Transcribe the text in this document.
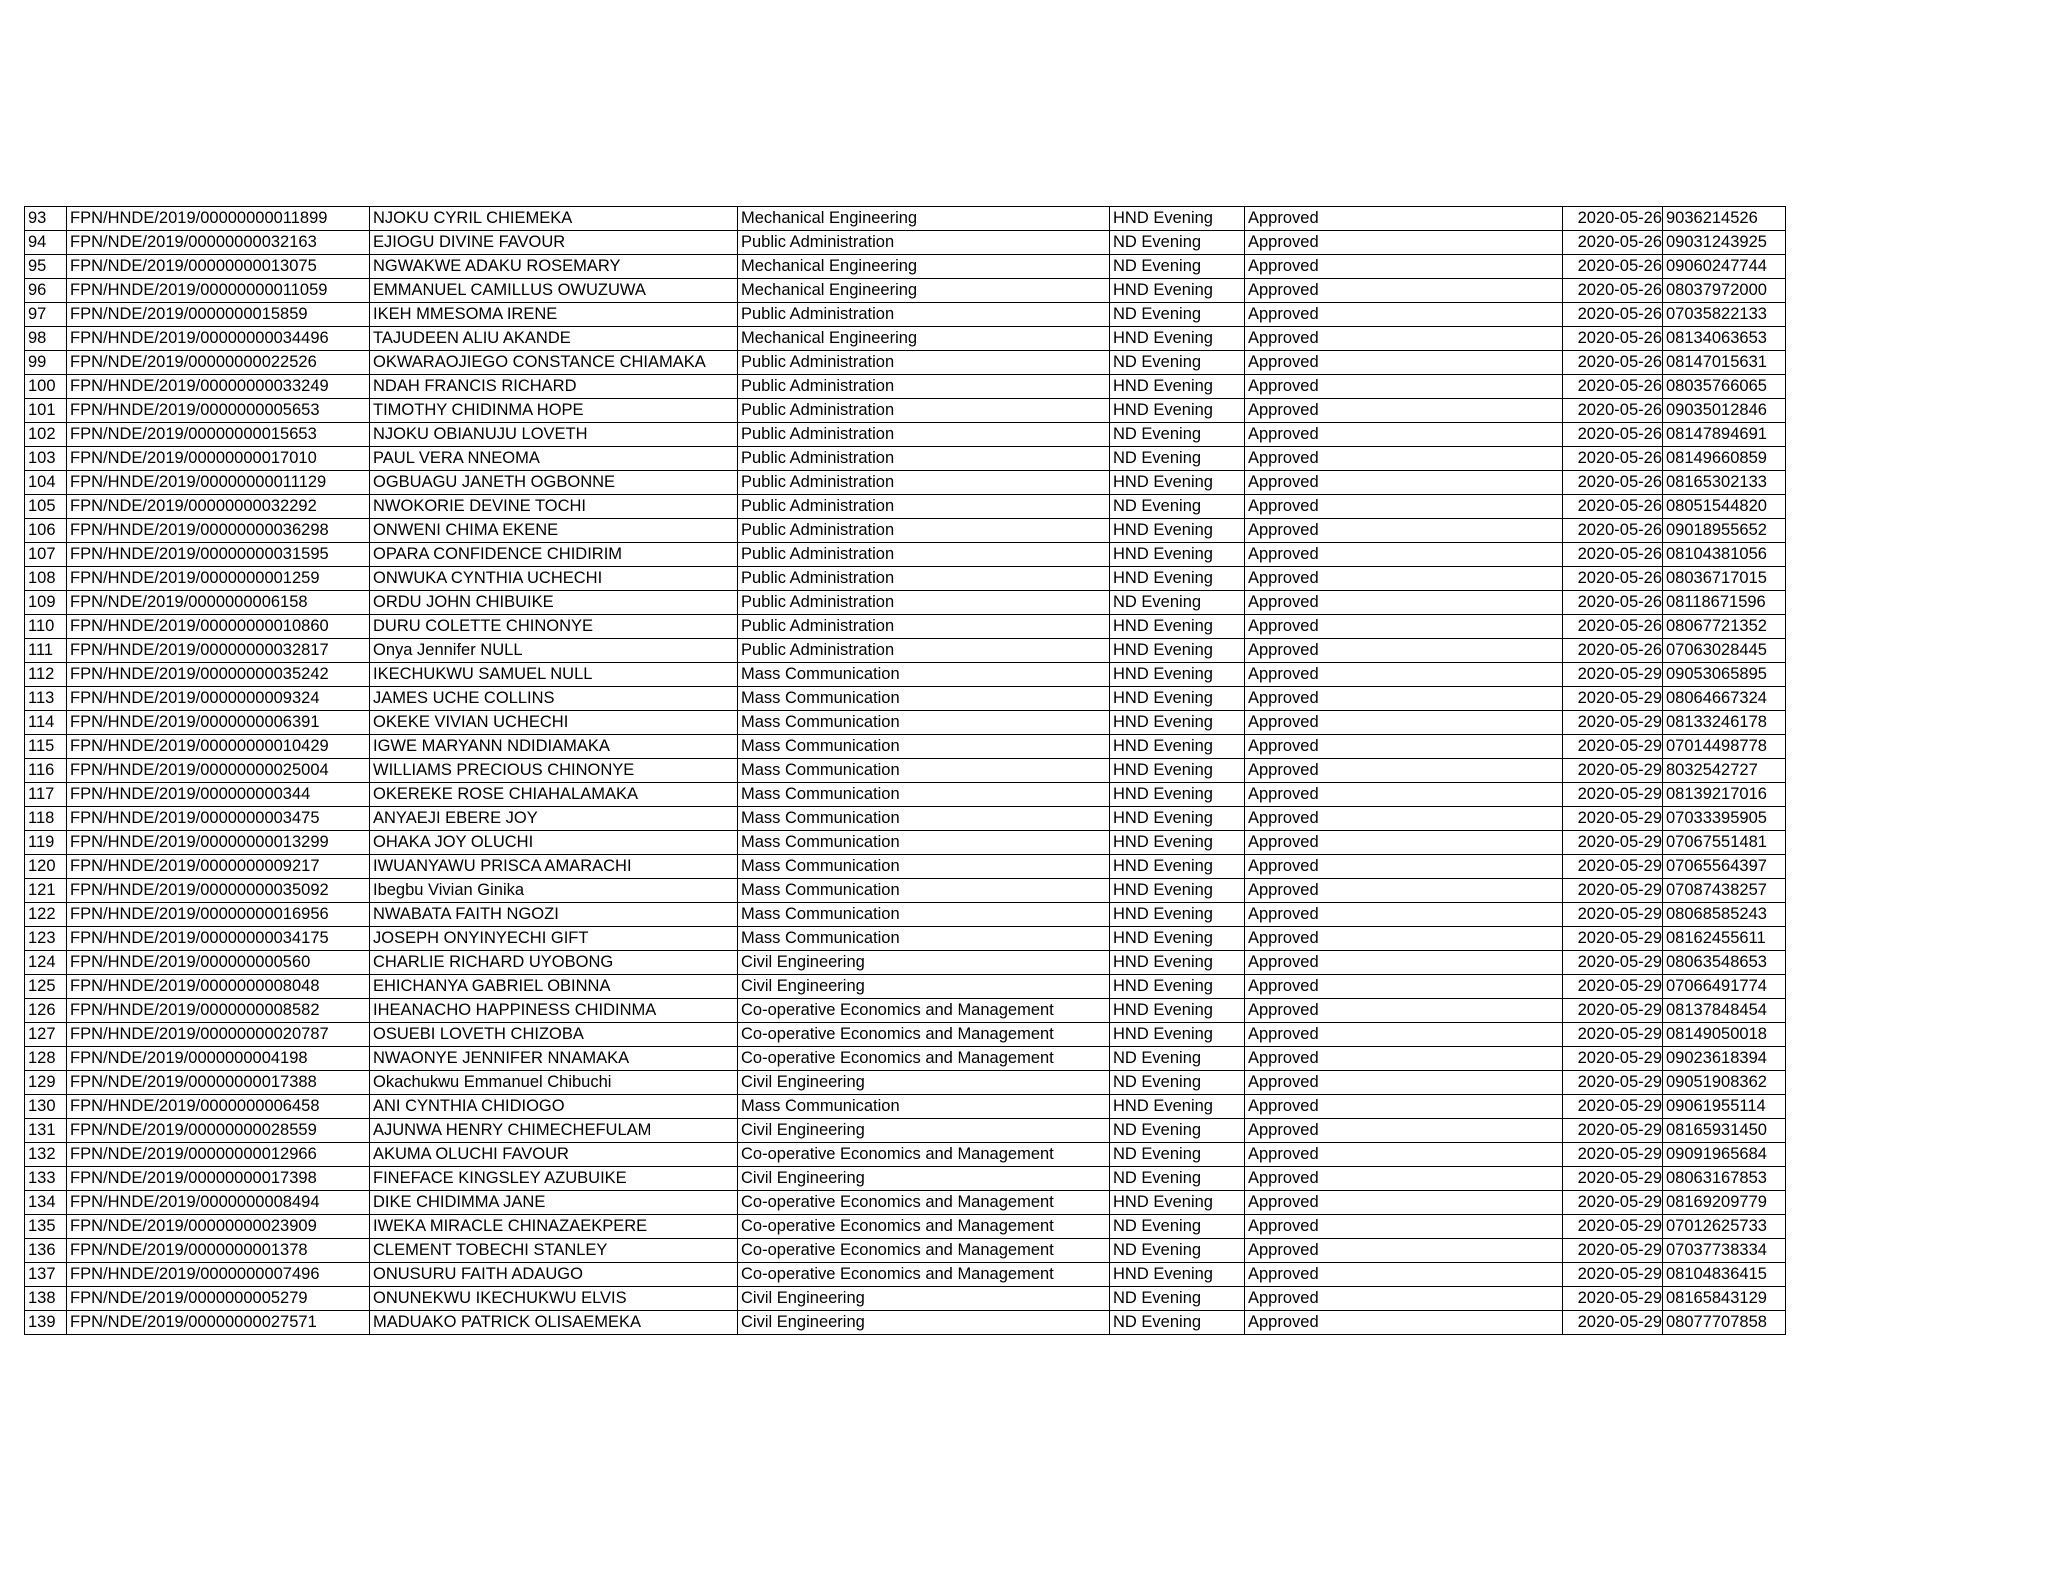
93	FPN/HNDE/2019/00000000011899	NJOKU CYRIL CHIEMEKA	Mechanical Engineering	HND Evening	Approved	2020-05-26	9036214526
94	FPN/NDE/2019/00000000032163	EJIOGU DIVINE FAVOUR	Public Administration	ND Evening	Approved	2020-05-26	09031243925
95	FPN/NDE/2019/00000000013075	NGWAKWE ADAKU ROSEMARY	Mechanical Engineering	ND Evening	Approved	2020-05-26	09060247744
96	FPN/HNDE/2019/00000000011059	EMMANUEL CAMILLUS OWUZUWA	Mechanical Engineering	HND Evening	Approved	2020-05-26	08037972000
97	FPN/NDE/2019/0000000015859	IKEH MMESOMA IRENE	Public Administration	ND Evening	Approved	2020-05-26	07035822133
98	FPN/HNDE/2019/00000000034496	TAJUDEEN ALIU AKANDE	Mechanical Engineering	HND Evening	Approved	2020-05-26	08134063653
99	FPN/NDE/2019/00000000022526	OKWARAOJIEGO CONSTANCE CHIAMAKA	Public Administration	ND Evening	Approved	2020-05-26	08147015631
100	FPN/HNDE/2019/00000000033249	NDAH FRANCIS RICHARD	Public Administration	HND Evening	Approved	2020-05-26	08035766065
101	FPN/HNDE/2019/0000000005653	TIMOTHY CHIDINMA HOPE	Public Administration	HND Evening	Approved	2020-05-26	09035012846
102	FPN/NDE/2019/00000000015653	NJOKU OBIANUJU LOVETH	Public Administration	ND Evening	Approved	2020-05-26	08147894691
103	FPN/NDE/2019/00000000017010	PAUL VERA NNEOMA	Public Administration	ND Evening	Approved	2020-05-26	08149660859
104	FPN/HNDE/2019/00000000011129	OGBUAGU JANETH OGBONNE	Public Administration	HND Evening	Approved	2020-05-26	08165302133
105	FPN/NDE/2019/00000000032292	NWOKORIE DEVINE TOCHI	Public Administration	ND Evening	Approved	2020-05-26	08051544820
106	FPN/HNDE/2019/00000000036298	ONWENI CHIMA EKENE	Public Administration	HND Evening	Approved	2020-05-26	09018955652
107	FPN/HNDE/2019/00000000031595	OPARA CONFIDENCE CHIDIRIM	Public Administration	HND Evening	Approved	2020-05-26	08104381056
108	FPN/HNDE/2019/0000000001259	ONWUKA CYNTHIA UCHECHI	Public Administration	HND Evening	Approved	2020-05-26	08036717015
109	FPN/NDE/2019/0000000006158	ORDU JOHN CHIBUIKE	Public Administration	ND Evening	Approved	2020-05-26	08118671596
110	FPN/HNDE/2019/00000000010860	DURU COLETTE CHINONYE	Public Administration	HND Evening	Approved	2020-05-26	08067721352
111	FPN/HNDE/2019/00000000032817	Onya Jennifer NULL	Public Administration	HND Evening	Approved	2020-05-26	07063028445
112	FPN/HNDE/2019/00000000035242	IKECHUKWU SAMUEL NULL	Mass Communication	HND Evening	Approved	2020-05-29	09053065895
113	FPN/HNDE/2019/0000000009324	JAMES UCHE COLLINS	Mass Communication	HND Evening	Approved	2020-05-29	08064667324
114	FPN/HNDE/2019/0000000006391	OKEKE VIVIAN UCHECHI	Mass Communication	HND Evening	Approved	2020-05-29	08133246178
115	FPN/HNDE/2019/00000000010429	IGWE MARYANN NDIDIAMAKA	Mass Communication	HND Evening	Approved	2020-05-29	07014498778
116	FPN/HNDE/2019/00000000025004	WILLIAMS PRECIOUS CHINONYE	Mass Communication	HND Evening	Approved	2020-05-29	8032542727
117	FPN/HNDE/2019/000000000344	OKEREKE ROSE CHIAHALAMAKA	Mass Communication	HND Evening	Approved	2020-05-29	08139217016
118	FPN/HNDE/2019/0000000003475	ANYAEJI EBERE JOY	Mass Communication	HND Evening	Approved	2020-05-29	07033395905
119	FPN/HNDE/2019/00000000013299	OHAKA JOY OLUCHI	Mass Communication	HND Evening	Approved	2020-05-29	07067551481
120	FPN/HNDE/2019/0000000009217	IWUANYAWU PRISCA AMARACHI	Mass Communication	HND Evening	Approved	2020-05-29	07065564397
121	FPN/HNDE/2019/00000000035092	Ibegbu Vivian Ginika	Mass Communication	HND Evening	Approved	2020-05-29	07087438257
122	FPN/HNDE/2019/00000000016956	NWABATA FAITH NGOZI	Mass Communication	HND Evening	Approved	2020-05-29	08068585243
123	FPN/HNDE/2019/00000000034175	JOSEPH ONYINYECHI GIFT	Mass Communication	HND Evening	Approved	2020-05-29	08162455611
124	FPN/HNDE/2019/000000000560	CHARLIE RICHARD UYOBONG	Civil Engineering	HND Evening	Approved	2020-05-29	08063548653
125	FPN/HNDE/2019/0000000008048	EHICHANYA GABRIEL OBINNA	Civil Engineering	HND Evening	Approved	2020-05-29	07066491774
126	FPN/HNDE/2019/0000000008582	IHEANACHO HAPPINESS CHIDINMA	Co-operative Economics and Management	HND Evening	Approved	2020-05-29	08137848454
127	FPN/HNDE/2019/00000000020787	OSUEBI LOVETH CHIZOBA	Co-operative Economics and Management	HND Evening	Approved	2020-05-29	08149050018
128	FPN/NDE/2019/0000000004198	NWAONYE JENNIFER NNAMAKA	Co-operative Economics and Management	ND Evening	Approved	2020-05-29	09023618394
129	FPN/NDE/2019/00000000017388	Okachukwu Emmanuel Chibuchi	Civil Engineering	ND Evening	Approved	2020-05-29	09051908362
130	FPN/HNDE/2019/0000000006458	ANI CYNTHIA CHIDIOGO	Mass Communication	HND Evening	Approved	2020-05-29	09061955114
131	FPN/NDE/2019/00000000028559	AJUNWA HENRY CHIMECHEFULAM	Civil Engineering	ND Evening	Approved	2020-05-29	08165931450
132	FPN/NDE/2019/00000000012966	AKUMA OLUCHI FAVOUR	Co-operative Economics and Management	ND Evening	Approved	2020-05-29	09091965684
133	FPN/NDE/2019/00000000017398	FINEFACE KINGSLEY AZUBUIKE	Civil Engineering	ND Evening	Approved	2020-05-29	08063167853
134	FPN/HNDE/2019/0000000008494	DIKE CHIDIMMA JANE	Co-operative Economics and Management	HND Evening	Approved	2020-05-29	08169209779
135	FPN/NDE/2019/00000000023909	IWEKA MIRACLE CHINAZAEKPERE	Co-operative Economics and Management	ND Evening	Approved	2020-05-29	07012625733
136	FPN/NDE/2019/0000000001378	CLEMENT TOBECHI STANLEY	Co-operative Economics and Management	ND Evening	Approved	2020-05-29	07037738334
137	FPN/HNDE/2019/0000000007496	ONUSURU FAITH ADAUGO	Co-operative Economics and Management	HND Evening	Approved	2020-05-29	08104836415
138	FPN/NDE/2019/0000000005279	ONUNEKWU IKECHUKWU ELVIS	Civil Engineering	ND Evening	Approved	2020-05-29	08165843129
139	FPN/NDE/2019/00000000027571	MADUAKO PATRICK OLISAEMEKA	Civil Engineering	ND Evening	Approved	2020-05-29	08077707858
